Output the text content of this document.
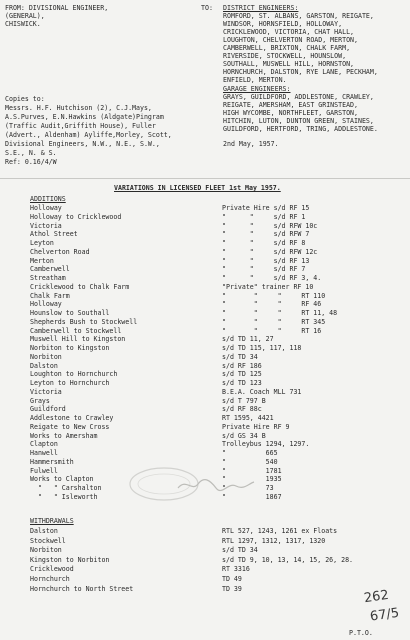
FROM: DIVISIONAL ENGINEER,
(GENERAL),
CHISWICK.
TO: DISTRICT ENGINEERS:
ROMFORD, ST. ALBANS, GARSTON, REIGATE,
WINDSOR, HORNSFIELD, HOLLOWAY,
CRICKLEWOOD, VICTORIA, CHAT HALL,
LOUGHTON, CHELVERTON ROAD, MERTON,
CAMBERWELL, BRIXTON, CHALK FARM,
RIVERSIDE, STOCKWELL, HOUNSLOW,
SOUTHALL, MUSWELL HILL, HORNSTON,
HORNCHURCH, DALSTON, RYE LANE, PECKHAM,
ENFIELD, MERTON.
GARAGE ENGINEERS:
GRAYS, GUILDFORD, ADDLESTONE, CRAWLEY,
REIGATE, AMERSHAM, EAST GRINSTEAD,
HIGH WYCOMBE, NORTHFLEET, GARSTON,
HITCHIN, LUTON, DUNTON GREEN, STAINES,
GUILDFORD, HERTFORD, TRING, ADDLESTONE.
Copies to:
Messrs. H.F. Hutchison (2), C.J.Mays,
A.S.Purves, E.N.Hawkins (Aldgate)Pingram
(Traffic Audit,Griffith House), Fuller
(Advert., Aldenham) Ayliffe,Morley, Scott,
Divisional Engineers, N.W., N.E., S.W.,
S.E., N. & S.
Ref: 0.16/4/W
2nd May, 1957.
VARIATIONS IN LICENSED FLEET 1st May 1957.
ADDITIONS
Holloway	Private Hire s/d RF 15
Holloway to Cricklewood	"      "     s/d RF 1
Victoria	"      "     s/d RFW 10c
Athol Street	"      "     s/d RFW 7
Leyton	"      "     s/d RF 8
Chelverton Road	"      "     s/d RFW 12c
Merton	"      "     s/d RF 13
Camberwell	"      "     s/d RF 7
Streatham	"      "     s/d RF 3, 4.
Cricklewood to Chalk Farm	"Private" trainer RF 10
Chalk Farm	"       "     "     RT 110
Holloway	"       "     "     RF 46
Hounslow to Southall	"       "     "     RT 11, 48
Shepherds Bush to Stockwell	"       "     "     RT 345
Camberwell to Stockwell	"       "     "     RT 16
Muswell Hill to Kingston	s/d TD 11, 27
Norbiton to Kingston	s/d TD 115, 117, 118
Norbiton	s/d TD 34
Dalston	s/d RF 186
Loughton to Hornchurch	s/d TD 125
Leyton to Hornchurch	s/d TD 123
Victoria	B.E.A. Coach MLL 731
Grays	s/d T 797 B
Guildford	s/d RF 88c
Addlestone to Crawley	RT 1595, 4421
Reigate to New Cross	Private Hire RF 9
Works to Amersham	s/d GS 34 B
Clapton	Trolleybus 1294, 1297.
Hanwell	"          665
Hammersmith	"          540
Fulwell	"          1781
Works to Clapton	"          1935
"   " Carshalton	"          73
"   " Isleworth	"          1867
WITHDRAWALS
Dalston	RTL 527, 1243, 1261 ex Floats
Stockwell	RTL 1297, 1312, 1317, 1320
Norbiton	s/d TD 34
Kingston to Norbiton	s/d TD 9, 10, 13, 14, 15, 26, 28.
Cricklewood	RT 3316
Hornchurch	TD 49
Hornchurch to North Street	TD 39	262
67/5
P.T.O.
